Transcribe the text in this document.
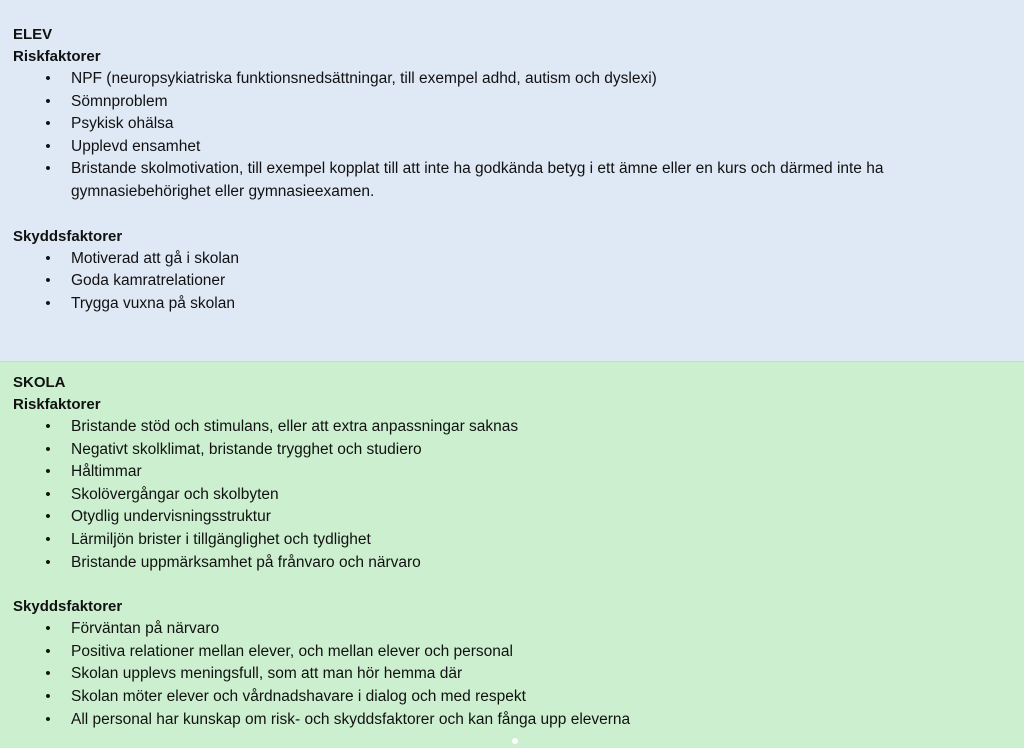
ELEV

Riskfaktorer

• NPF (neuropsykiatriska funktionsnedsättningar, till exempel adhd, autism och dyslexi)
• Sömnproblem
• Psykisk ohälsa
• Upplevd ensamhet
• Bristande skolmotivation, till exempel kopplat till att inte ha godkända betyg i ett ämne eller en kurs och därmed inte ha gymnasiebehörighet eller gymnasieexamen.

Skyddsfaktorer

• Motiverad att gå i skolan
• Goda kamratrelationer
• Trygga vuxna på skolan

SKOLA

Riskfaktorer

• Bristande stöd och stimulans, eller att extra anpassningar saknas
• Negativt skolklimat, bristande trygghet och studiero
• Håltimmar
• Skolövergångar och skolbyten
• Otydlig undervisningsstruktur
• Lärmiljön brister i tillgänglighet och tydlighet
• Bristande uppmärksamhet på frånvaro och närvaro

Skyddsfaktorer

• Förväntan på närvaro
• Positiva relationer mellan elever, och mellan elever och personal
• Skolan upplevs meningsfull, som att man hör hemma där
• Skolan möter elever och vårdnadshavare i dialog och med respekt
• All personal har kunskap om risk- och skyddsfaktorer och kan fånga upp eleverna
